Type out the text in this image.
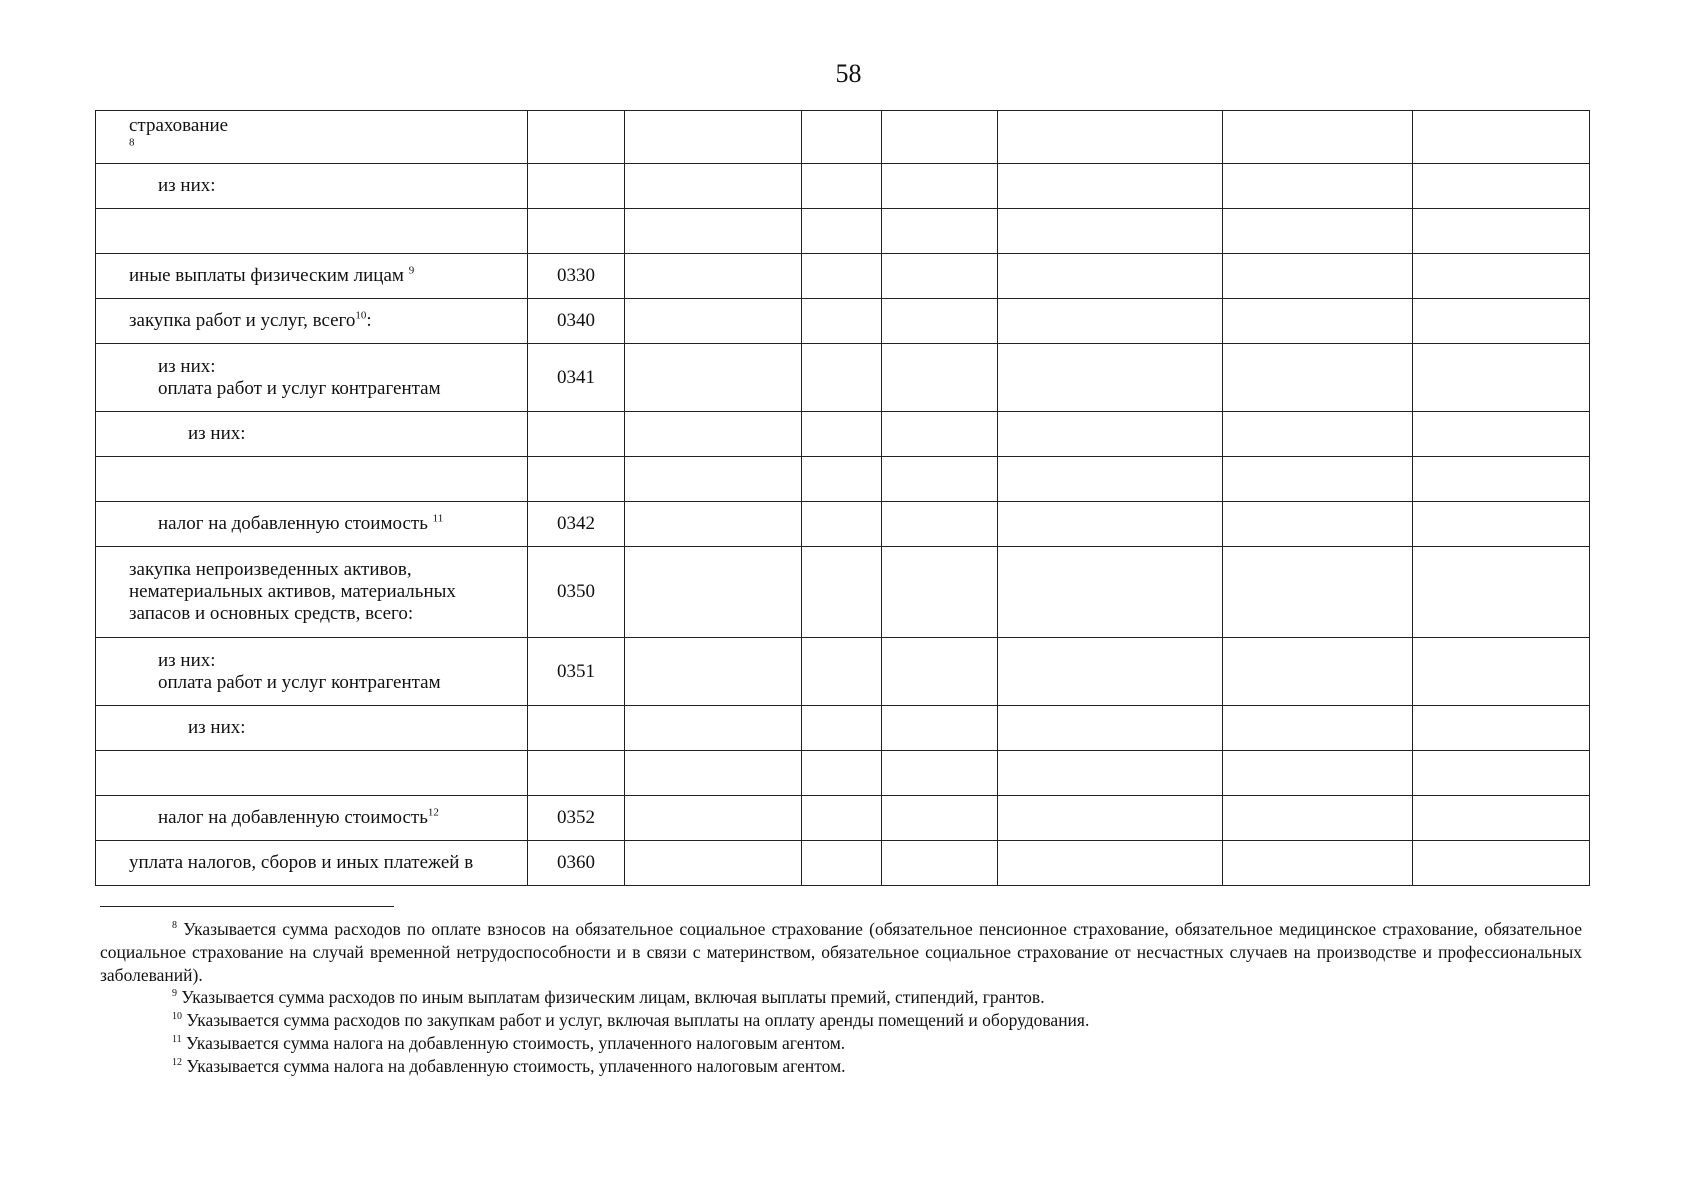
58
страхование
$^8$							
из них:							

иные выплаты физическим лицам $^9$	0330						
закупка работ и услуг, всего$^{10}$:	0340						

из них:
оплата работ и услуг контрагентам	0341						
из них:							

налог на добавленную стоимость $^{11}$	0342						

закупка непроизведенных активов,
нематериальных активов, материальных
запасов и основных средств, всего:	0350						

из них:
оплата работ и услуг контрагентам	0351						
из них:							

налог на добавленную стоимость$^{12}$	0352						
уплата налогов, сборов и иных платежей в	0360						

$^8$ Указывается сумма расходов по оплате взносов на обязательное социальное страхование (обязательное пенсионное страхование, обязательное медицинское страхование, обязательное социальное страхование на случай временной нетрудоспособности и в связи с материнством, обязательное социальное страхование от несчастных случаев на производстве и профессиональных заболеваний).

$^9$ Указывается сумма расходов по иным выплатам физическим лицам, включая выплаты премий, стипендий, грантов.

$^{10}$ Указывается сумма расходов по закупкам работ и услуг, включая выплаты на оплату аренды помещений и оборудования.

$^{11}$ Указывается сумма налога на добавленную стоимость, уплаченного налоговым агентом.

$^{12}$ Указывается сумма налога на добавленную стоимость, уплаченного налоговым агентом.
